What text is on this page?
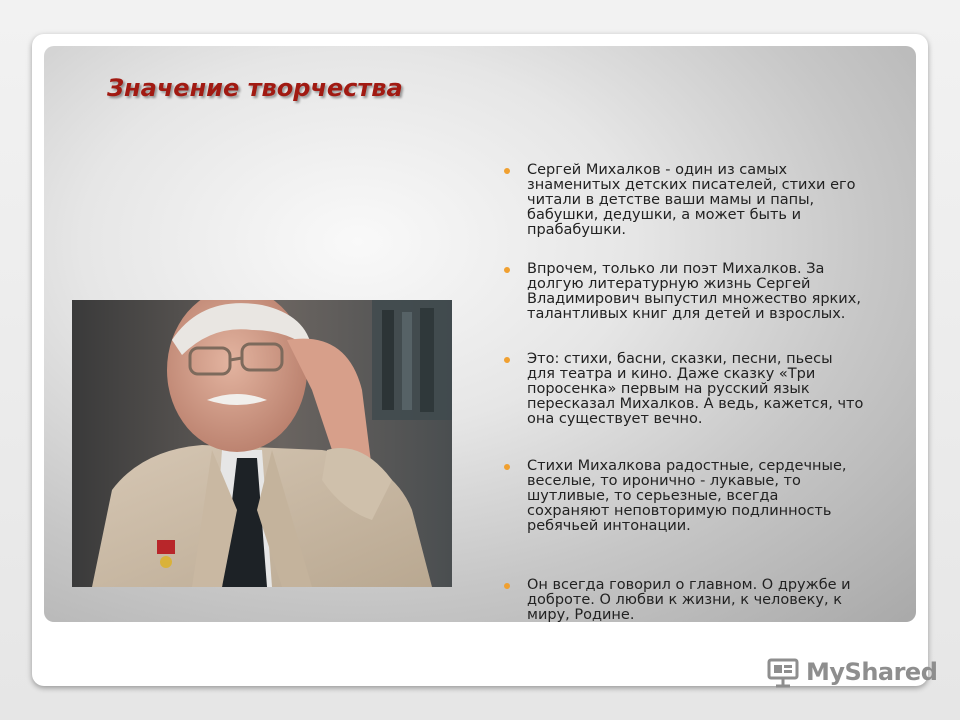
Значение творчества
Сергей Михалков - один из самых знаменитых детских писателей, стихи его читали в детстве ваши мамы и папы, бабушки, дедушки, а может быть и прабабушки.
Впрочем, только ли поэт Михалков. За долгую литературную жизнь Сергей Владимирович выпустил множество ярких, талантливых книг для детей и взрослых.
Это: стихи, басни, сказки, песни, пьесы для театра и кино. Даже сказку «Три поросенка» первым на русский язык пересказал Михалков. А ведь, кажется, что она существует вечно.
Стихи Михалкова радостные, сердечные, веселые, то иронично - лукавые, то шутливые, то серьезные, всегда сохраняют неповторимую подлинность ребячьей интонации.
Он всегда говорил о главном. О дружбе и доброте. О любви к жизни, к человеку, к миру, Родине.
MyShared
